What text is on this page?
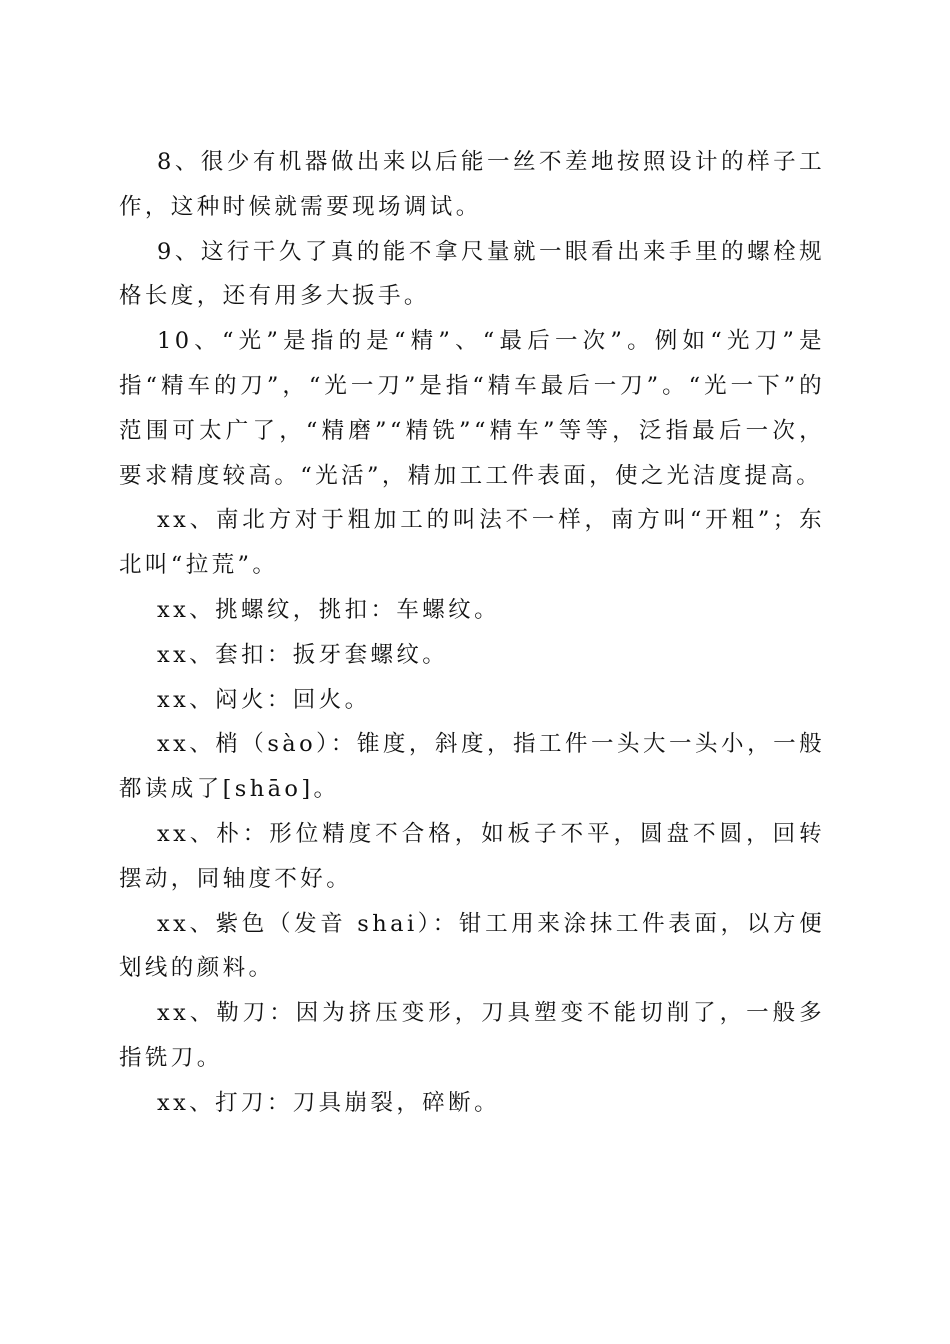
8、很少有机器做出来以后能一丝不差地按照设计的样子工作，这种时候就需要现场调试。

9、这行干久了真的能不拿尺量就一眼看出来手里的螺栓规格长度，还有用多大扳手。

10、“光”是指的是“精”、“最后一次”。例如“光刀”是指“精车的刀”，“光一刀”是指“精车最后一刀”。“光一下”的范围可太广了，“精磨”“精铣”“精车”等等，泛指最后一次，要求精度较高。“光活”，精加工工件表面，使之光洁度提高。

xx、南北方对于粗加工的叫法不一样，南方叫“开粗”；东北叫“拉荒”。

xx、挑螺纹，挑扣：车螺纹。

xx、套扣：扳牙套螺纹。

xx、闷火：回火。

xx、梢（sào）：锥度，斜度，指工件一头大一头小，一般都读成了[shāo]。

xx、朴：形位精度不合格，如板子不平，圆盘不圆，回转摆动，同轴度不好。

xx、紫色（发音 shai）：钳工用来涂抹工件表面，以方便划线的颜料。

xx、勒刀：因为挤压变形，刀具塑变不能切削了，一般多指铣刀。

xx、打刀：刀具崩裂，碎断。
